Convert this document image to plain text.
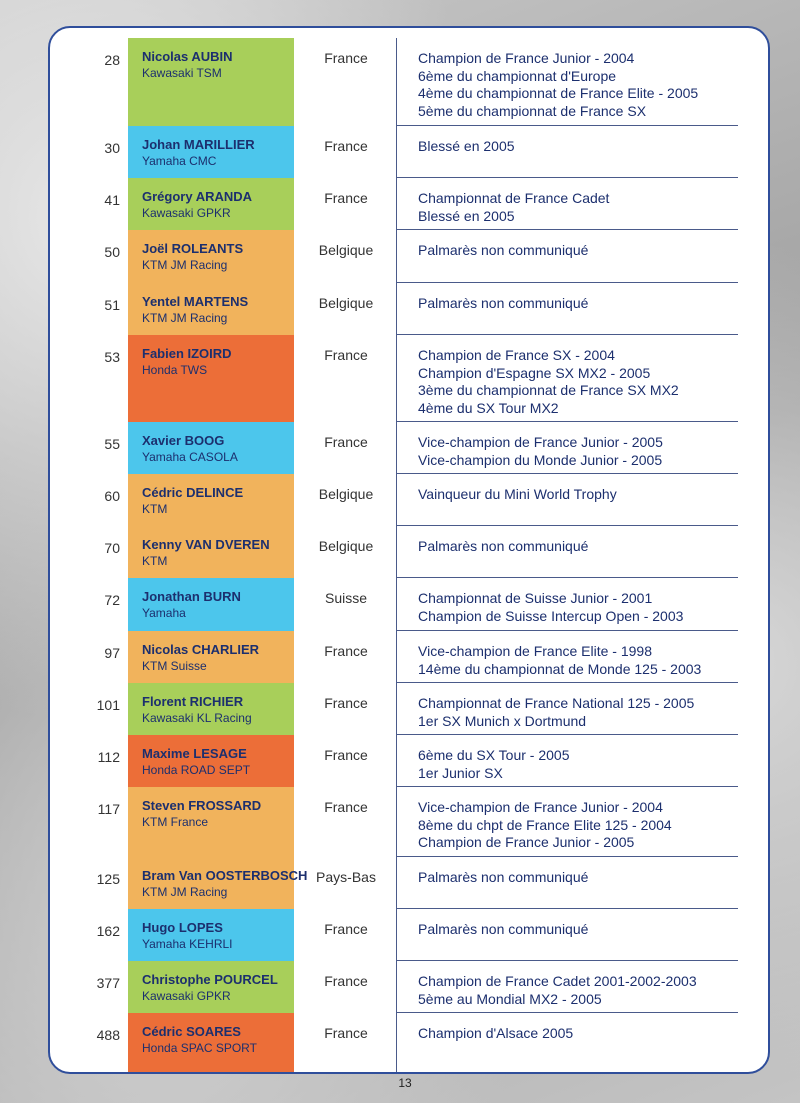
28 Nicolas AUBIN
Kawasaki TSM
France	Champion de France Junior - 2004
6ème du championnat d'Europe
4ème du championnat de France Elite - 2005
5ème du championnat de France SX
30 Johan MARILLIER
Yamaha CMC
France	Blessé en 2005
41 Grégory ARANDA
Kawasaki GPKR
France	Championnat de France Cadet
Blessé en 2005
50 Joël ROLEANTS
KTM JM Racing
Belgique	Palmarès non communiqué
51 Yentel MARTENS
KTM JM Racing
Belgique	Palmarès non communiqué
53 Fabien IZOIRD
Honda TWS
France	Champion de France SX - 2004
Champion d'Espagne SX MX2 - 2005
3ème du championnat de France SX MX2
4ème du SX Tour MX2
55 Xavier BOOG
Yamaha CASOLA
France	Vice-champion de France Junior - 2005
Vice-champion du Monde Junior - 2005
60 Cédric DELINCE
KTM
Belgique	Vainqueur du Mini World Trophy
70 Kenny VAN DVEREN
KTM
Belgique	Palmarès non communiqué
72 Jonathan BURN
Yamaha
Suisse	Championnat de Suisse Junior - 2001
Champion de Suisse Intercup Open - 2003
97 Nicolas CHARLIER
KTM Suisse
France	Vice-champion de France Elite - 1998
14ème du championnat de Monde 125 - 2003
101 Florent RICHIER
Kawasaki KL Racing
France	Championnat de France National 125 - 2005
1er SX Munich x Dortmund
112 Maxime LESAGE
Honda ROAD SEPT
France	6ème du SX Tour - 2005
1er Junior SX
117 Steven FROSSARD
KTM France
France	Vice-champion de France Junior - 2004
8ème du chpt de France Elite 125 - 2004
Champion de France Junior - 2005
125 Bram Van OOSTERBOSCH
KTM JM Racing
Pays-Bas	Palmarès non communiqué
162 Hugo LOPES
Yamaha KEHRLI
France	Palmarès non communiqué
377 Christophe POURCEL
Kawasaki GPKR
France	Champion de France Cadet 2001-2002-2003
5ème au Mondial MX2 - 2005
488 Cédric SOARES
Honda SPAC SPORT
France	Champion d'Alsace 2005
13
